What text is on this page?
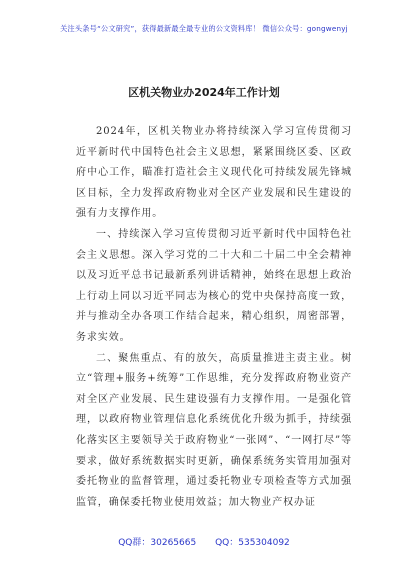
关注头条号“公文研究”，获得最新最全最专业的公文资料库！ 微信公众号：gongwenyj
区机关物业办2024年工作计划

2024年，区机关物业办将持续深入学习宣传贯彻习近平新时代中国特色社会主义思想，紧紧围绕区委、区政府中心工作，瞄准打造社会主义现代化可持续发展先锋城区目标，全力发挥政府物业对全区产业发展和民生建设的强有力支撑作用。

一、持续深入学习宣传贯彻习近平新时代中国特色社会主义思想。深入学习党的二十大和二十届二中全会精神以及习近平总书记最新系列讲话精神，始终在思想上政治上行动上同以习近平同志为核心的党中央保持高度一致，并与推动全办各项工作结合起来，精心组织，周密部署，务求实效。

二、聚焦重点、有的放矢，高质量推进主责主业。树立“管理+服务+统筹”工作思维，充分发挥政府物业资产对全区产业发展、民生建设强有力支撑作用。一是强化管理，以政府物业管理信息化系统优化升级为抓手，持续强化落实区主要领导关于政府物业“一张网”、“一网打尽”等要求，做好系统数据实时更新，确保系统务实管用加强对委托物业的监督管理，通过委托物业专项检查等方式加强监管，确保委托物业使用效益；加大物业产权办证

QQ群：30265665 QQ：535304092
